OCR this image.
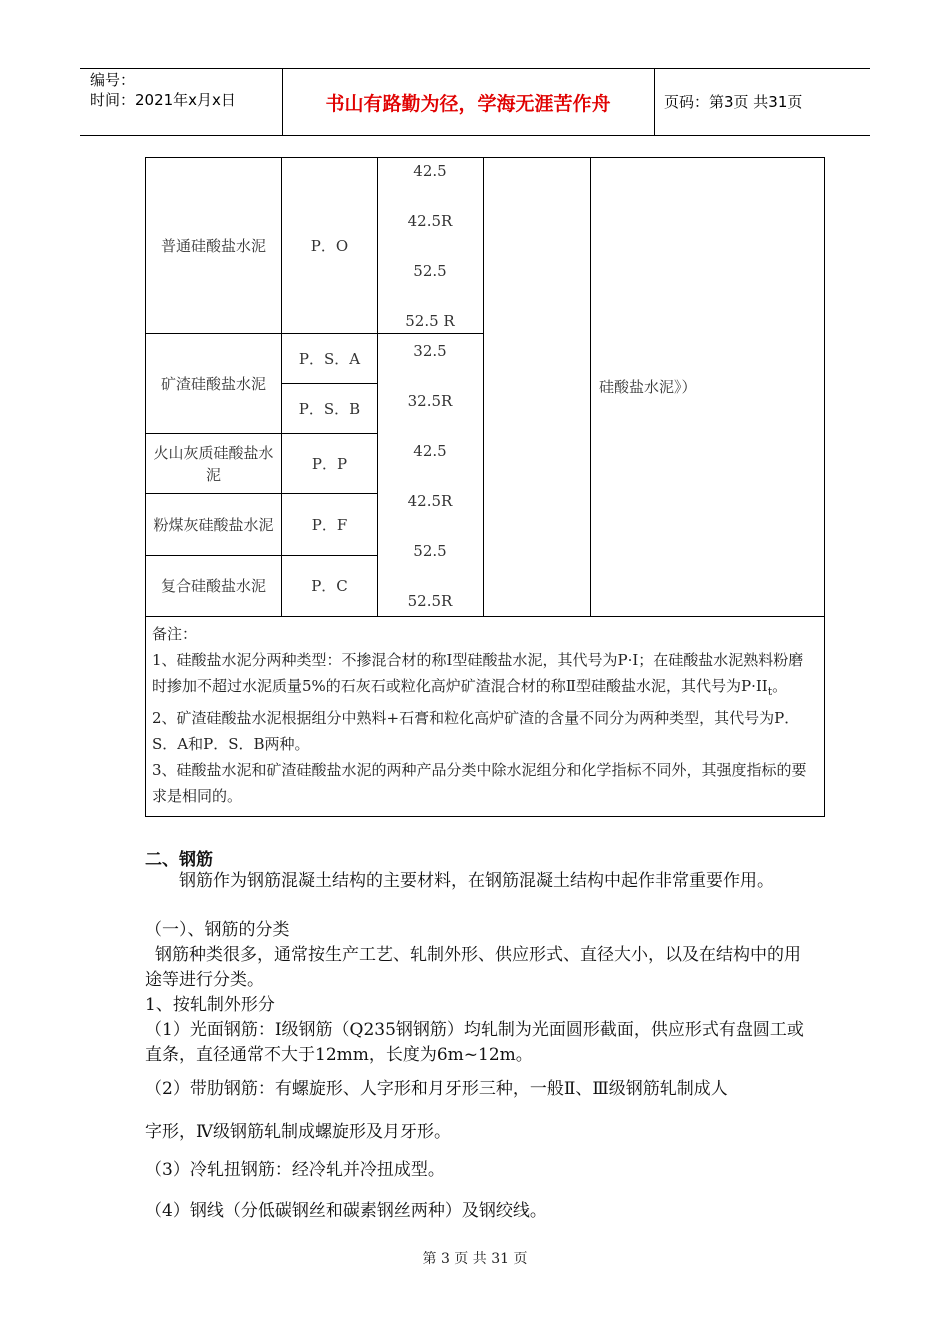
编号：
时间：2021年x月x日	书山有路勤为径，学海无涯苦作舟	页码：第3页 共31页
普通硅酸盐水泥
矿渣硅酸盐水泥
火山灰质硅酸盐水泥
粉煤灰硅酸盐水泥
复合硅酸盐水泥
P．O
P．S．A
P．S．B
P．P
P．F
P．C
42.5
42.5R
52.5
52.5 R
32.5
32.5R
42.5
42.5R
52.5
52.5R
硅酸盐水泥》）

备注：

1、硅酸盐水泥分两种类型：不掺混合材的称Ⅰ型硅酸盐水泥，其代号为P·I；在硅酸盐水泥熟料粉磨时掺加不超过水泥质量5%的石灰石或粒化高炉矿渣混合材的称Ⅱ型硅酸盐水泥，其代号为$P\cdot II_t$。

2、矿渣硅酸盐水泥根据组分中熟料+石膏和粒化高炉矿渣的含量不同分为两种类型，其代号为P．S．A和P．S．B两种。

3、硅酸盐水泥和矿渣硅酸盐水泥的两种产品分类中除水泥组分和化学指标不同外，其强度指标的要求是相同的。

二、钢筋
钢筋作为钢筋混凝土结构的主要材料，在钢筋混凝土结构中起作非常重要作用。
（一）、钢筋的分类
钢筋种类很多，通常按生产工艺、轧制外形、供应形式、直径大小，以及在结构中的用途等进行分类。
1、按轧制外形分
（1）光面钢筋：I级钢筋（Q235钢钢筋）均轧制为光面圆形截面，供应形式有盘圆工或直条，直径通常不大于12mm，长度为6m~12m。
（2）带肋钢筋：有螺旋形、人字形和月牙形三种，一般Ⅱ、Ⅲ级钢筋轧制成人
字形，Ⅳ级钢筋轧制成螺旋形及月牙形。
（3）冷轧扭钢筋：经冷轧并冷扭成型。
（4）钢线（分低碳钢丝和碳素钢丝两种）及钢绞线。
第 3 页 共 31 页
